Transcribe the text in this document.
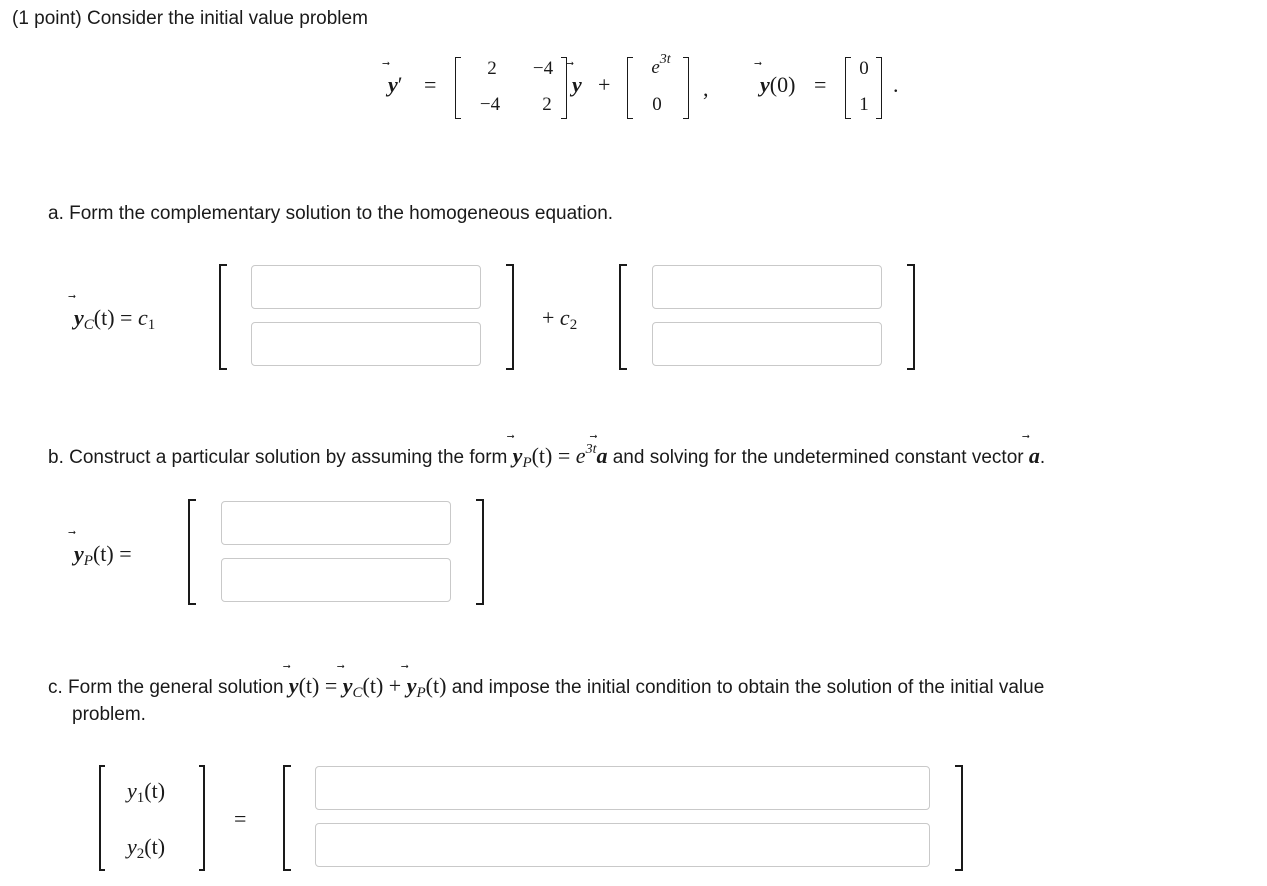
(1 point) Consider the initial value problem
y′ =
2	−4
−4	2
y +
$e^{3t}$
0
, y(0) =
0
1
.
a. Form the complementary solution to the homogeneous equation.
$y_C(t) = c_1$	+ $c_2$
b. Construct a particular solution by assuming the form $y_P(t) = e^{3t}$
a and solving for the undetermined constant vector a.
$y_P(t)$ =
c. Form the general solution $y(t) = y_C(t) + y_P(t)$ and impose the initial condition to obtain the solution of the initial value
problem.
$y_1(t)$
$y_2(t)$
=
